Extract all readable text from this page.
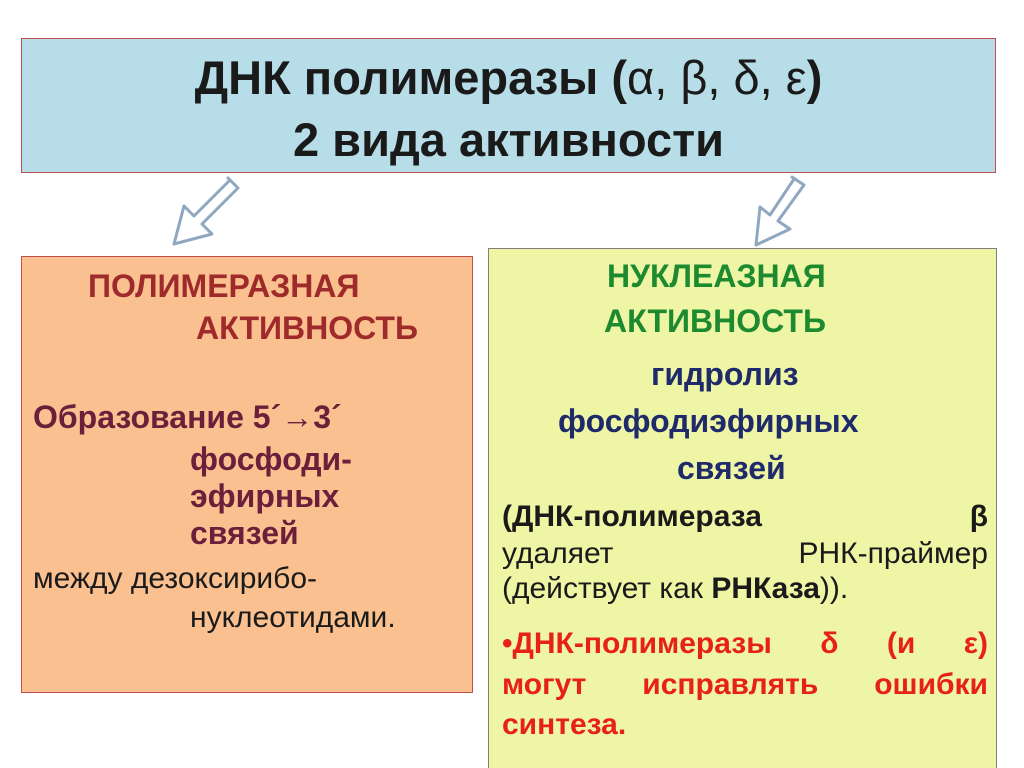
ДНК полимеразы (α, β, δ, ε)
2 вида активности
ПОЛИМЕРАЗНАЯ
АКТИВНОСТЬ
Образование 5´→3´
фосфоди-
эфирных
связей
между дезоксирибо-
нуклеотидами.
НУКЛЕАЗНАЯ
АКТИВНОСТЬ
гидролиз
фосфодиэфирных
связей
(ДНК-полимераза	β
удаляет	РНК-праймер
(действует как РНКаза)).
•ДНК-полимеразы δ (и ε)
могут исправлять ошибки
синтеза.
